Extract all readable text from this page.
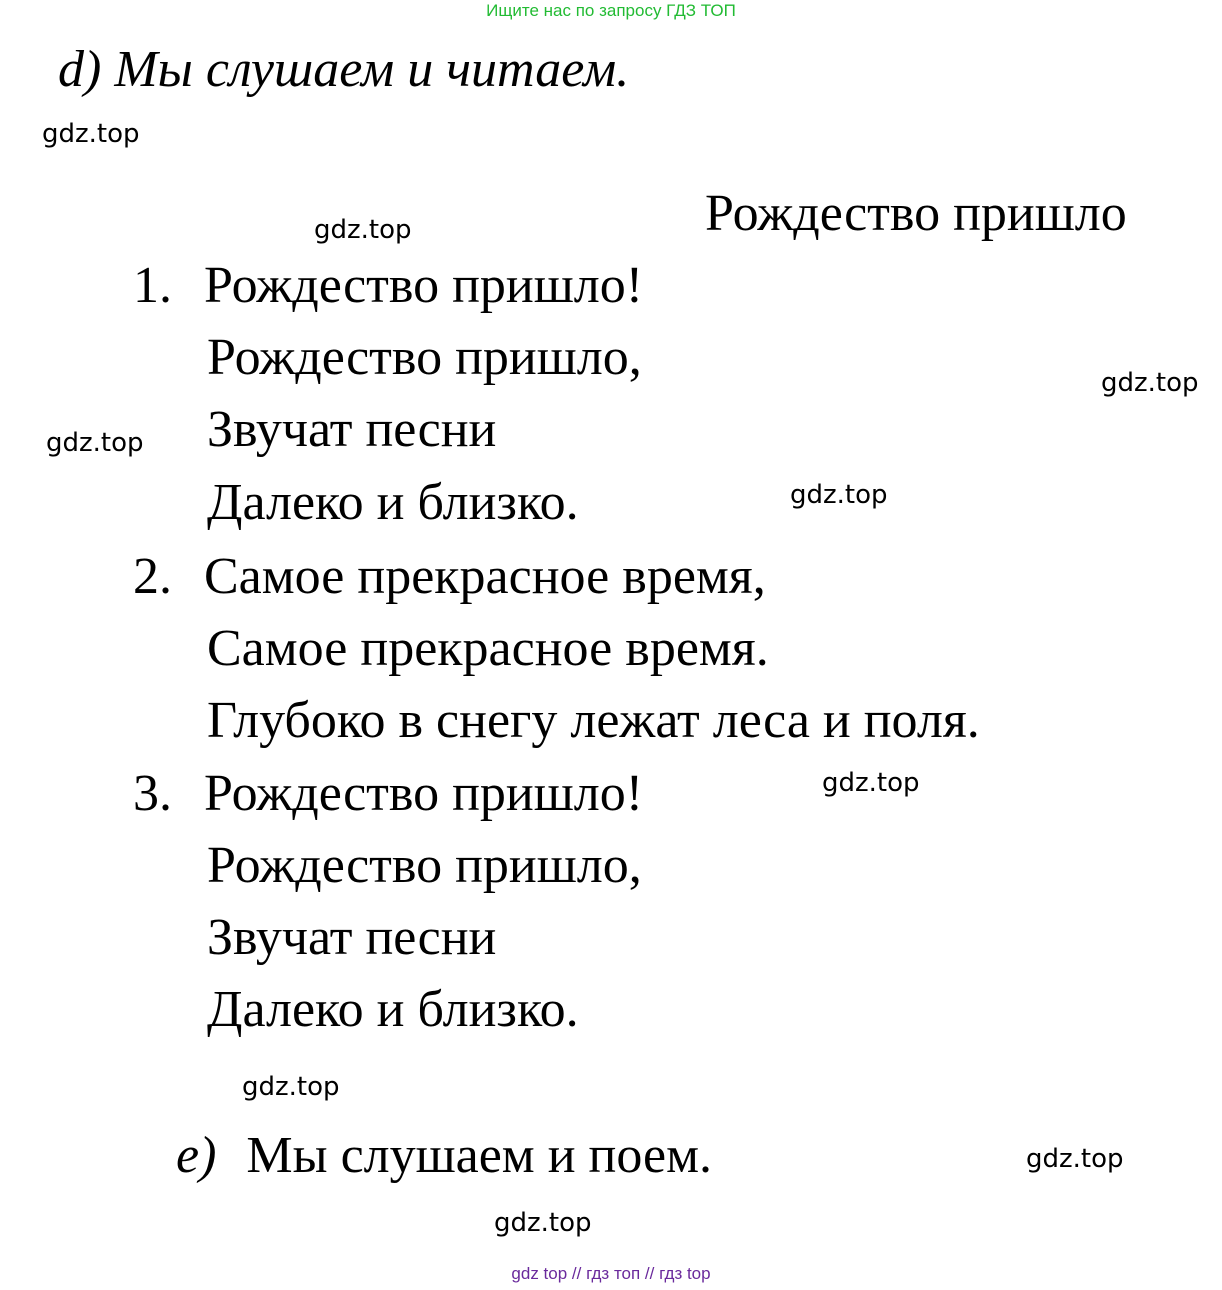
Ищите нас по запросу ГДЗ ТОП
d) Мы слушаем и читаем.
gdz.top
gdz.top
gdz.top
gdz.top
gdz.top
gdz.top
gdz.top
gdz.top
gdz.top
Рождество пришло
1. Рождество пришло!
Рождество пришло,
Звучат песни
Далеко и близко.
2. Самое прекрасное время,
Самое прекрасное время.
Глубоко в снегу лежат леса и поля.
3. Рождество пришло!
Рождество пришло,
Звучат песни
Далеко и близко.
e) Мы слушаем и поем.
gdz top // гдз топ // гдз top
